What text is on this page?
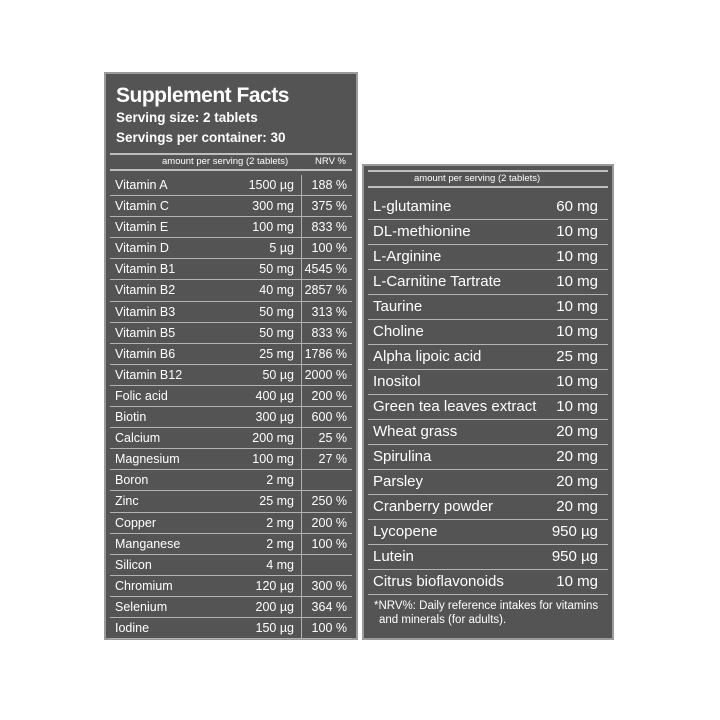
Supplement Facts
Serving size: 2 tablets
Servings per container: 30
amount per serving (2 tablets)	NRV %
Vitamin A	1500 µg 188 %
Vitamin C	300 mg 375 %
Vitamin E	100 mg 833 %
Vitamin D	5 µg 100 %
Vitamin B1	50 mg 4545 %
Vitamin B2	40 mg 2857 %
Vitamin B3	50 mg 313 %
Vitamin B5	50 mg 833 %
Vitamin B6	25 mg 1786 %
Vitamin B12	50 µg 2000 %
Folic acid	400 µg 200 %
Biotin	300 µg 600 %
Calcium	200 mg 25 %
Magnesium	100 mg 27 %
Boron	2 mg
Zinc	25 mg 250 %
Copper	2 mg 200 %
Manganese	2 mg 100 %
Silicon	4 mg
Chromium	120 µg 300 %
Selenium	200 µg 364 %
Iodine	150 µg 100 %
amount per serving (2 tablets)
L-glutamine	60 mg
DL-methionine	10 mg
L-Arginine	10 mg
L-Carnitine Tartrate	10 mg
Taurine	10 mg
Choline	10 mg
Alpha lipoic acid	25 mg
Inositol	10 mg
Green tea leaves extract 10 mg
Wheat grass	20 mg
Spirulina	20 mg
Parsley	20 mg
Cranberry powder	20 mg
Lycopene	950 µg
Lutein	950 µg
Citrus bioflavonoids	10 mg
*NRV%: Daily reference intakes for vitamins
and minerals (for adults).
